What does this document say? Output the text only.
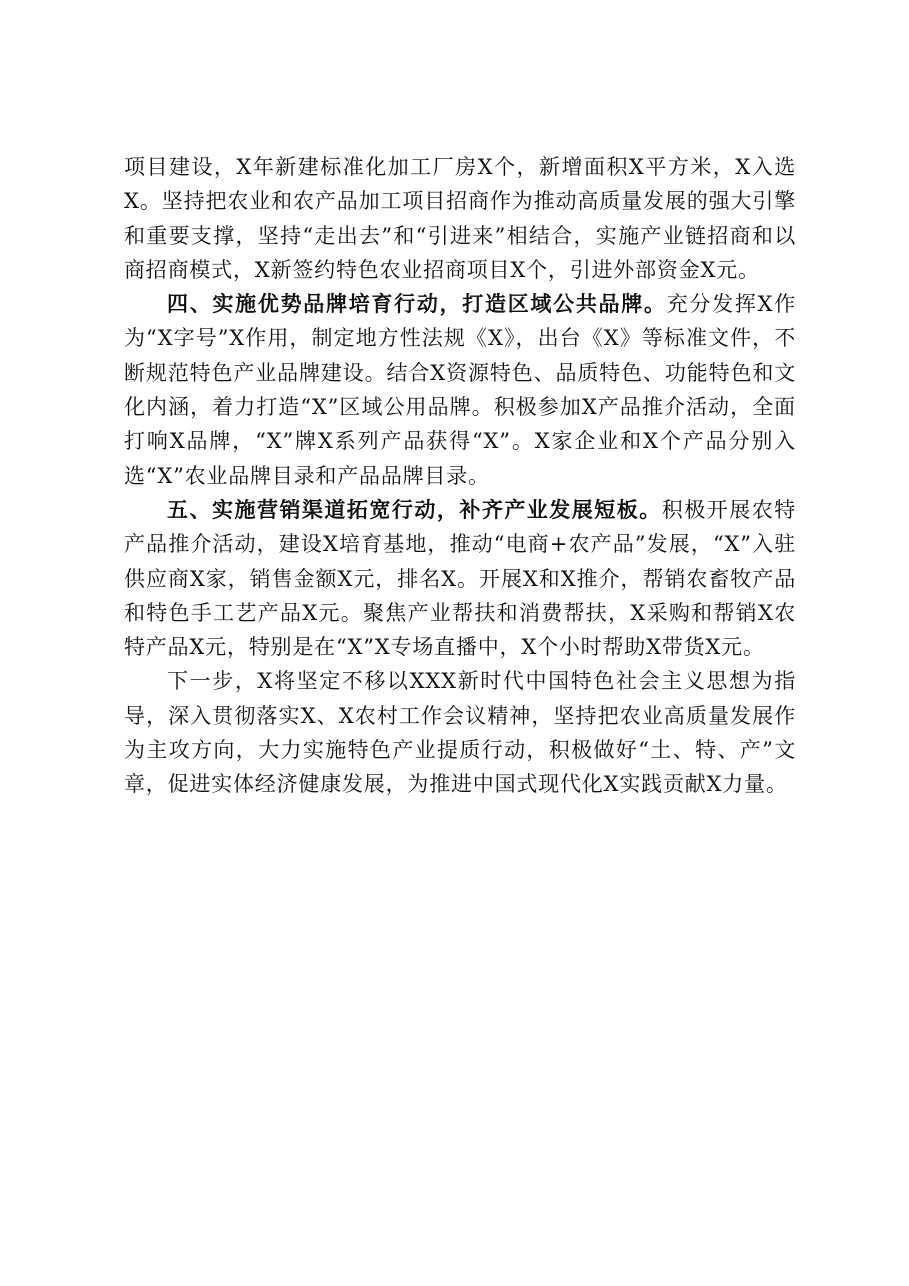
项目建设，X年新建标准化加工厂房X个，新增面积X平方米，X入选X。坚持把农业和农产品加工项目招商作为推动高质量发展的强大引擎和重要支撑，坚持“走出去”和“引进来”相结合，实施产业链招商和以商招商模式，X新签约特色农业招商项目X个，引进外部资金X元。

四、实施优势品牌培育行动，打造区域公共品牌。充分发挥X作为“X字号”X作用，制定地方性法规《X》，出台《X》等标准文件，不断规范特色产业品牌建设。结合X资源特色、品质特色、功能特色和文化内涵，着力打造“X”区域公用品牌。积极参加X产品推介活动，全面打响X品牌，“X”牌X系列产品获得“X”。X家企业和X个产品分别入选“X”农业品牌目录和产品品牌目录。

五、实施营销渠道拓宽行动，补齐产业发展短板。积极开展农特产品推介活动，建设X培育基地，推动“电商+农产品”发展，“X”入驻供应商X家，销售金额X元，排名X。开展X和X推介，帮销农畜牧产品和特色手工艺产品X元。聚焦产业帮扶和消费帮扶，X采购和帮销X农特产品X元，特别是在“X”X专场直播中，X个小时帮助X带货X元。

下一步，X将坚定不移以XXX新时代中国特色社会主义思想为指导，深入贯彻落实X、X农村工作会议精神，坚持把农业高质量发展作为主攻方向，大力实施特色产业提质行动，积极做好“土、特、产”文章，促进实体经济健康发展，为推进中国式现代化X实践贡献X力量。
